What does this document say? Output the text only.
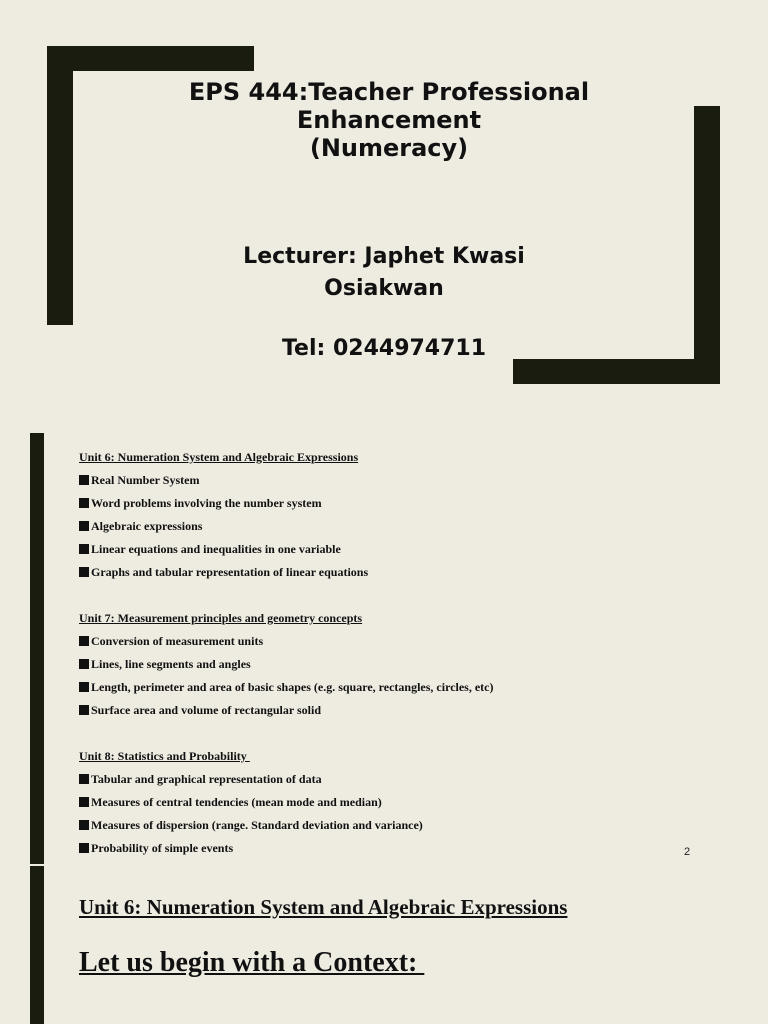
EPS 444:Teacher Professional
Enhancement
(Numeracy)
Lecturer: Japhet Kwasi
Osiakwan
Tel: 0244974711
Unit 6: Numeration System and Algebraic Expressions
Real Number System
Word problems involving the number system
Algebraic expressions
Linear equations and inequalities in one variable
Graphs and tabular representation of linear equations
Unit 7: Measurement principles and geometry concepts
Conversion of measurement units
Lines, line segments and angles
Length, perimeter and area of basic shapes (e.g. square, rectangles, circles, etc)
Surface area and volume of rectangular solid
Unit 8: Statistics and Probability
Tabular and graphical representation of data
Measures of central tendencies (mean mode and median)
Measures of dispersion (range. Standard deviation and variance)
Probability of simple events	2
Unit 6: Numeration System and Algebraic Expressions
Let us begin with a Context:
